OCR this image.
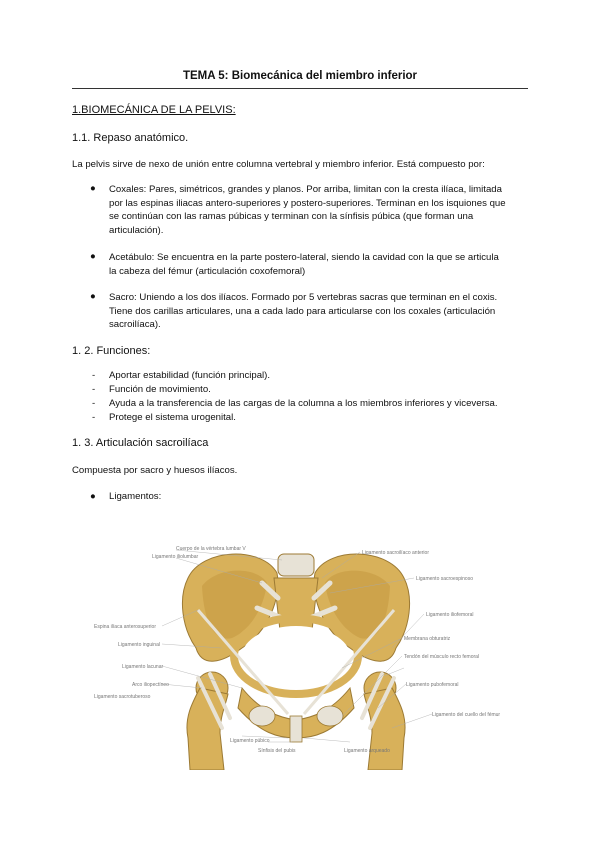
TEMA 5: Biomecánica del miembro inferior
1.BIOMECÁNICA DE LA PELVIS:
1.1. Repaso anatómico.
La pelvis sirve de nexo de unión entre columna vertebral y miembro inferior. Está compuesto por:
● Coxales: Pares, simétricos, grandes y planos. Por arriba, limitan con la cresta ilíaca, limitada
por las espinas iliacas antero-superiores y postero-superiores. Terminan en los isquiones que
se continúan con las ramas púbicas y terminan con la sínfisis púbica (que forman una
articulación).
● Acetábulo: Se encuentra en la parte postero-lateral, siendo la cavidad con la que se articula
la cabeza del fémur (articulación coxofemoral)
● Sacro: Uniendo a los dos ilíacos. Formado por 5 vertebras sacras que terminan en el coxis.
Tiene dos carillas articulares, una a cada lado para articularse con los coxales (articulación
sacroilíaca).
1. 2. Funciones:
- Aportar estabilidad (función principal).
- Función de movimiento.
- Ayuda a la transferencia de las cargas de la columna a los miembros inferiores y viceversa.
- Protege el sistema urogenital.
1. 3. Articulación sacroilíaca
Compuesta por sacro y huesos ilíacos.
● Ligamentos:
Cuerpo de la vértebra lumbar V
Ligamento iliolumbar
Espina ilíaca anterosuperior
Ligamento inguinal
Ligamento lacunar
Arco iliopectíneo
Ligamento sacrotuberoso
Ligamento sacroilíaco anterior
Ligamento sacroespinoso
Ligamento iliofemoral
Membrana obturatriz
Tendón del músculo recto femoral
Ligamento pubofemoral
Ligamento del cuello del fémur
Ligamento púbico
Sínfisis del pubis	Ligamento arqueado
